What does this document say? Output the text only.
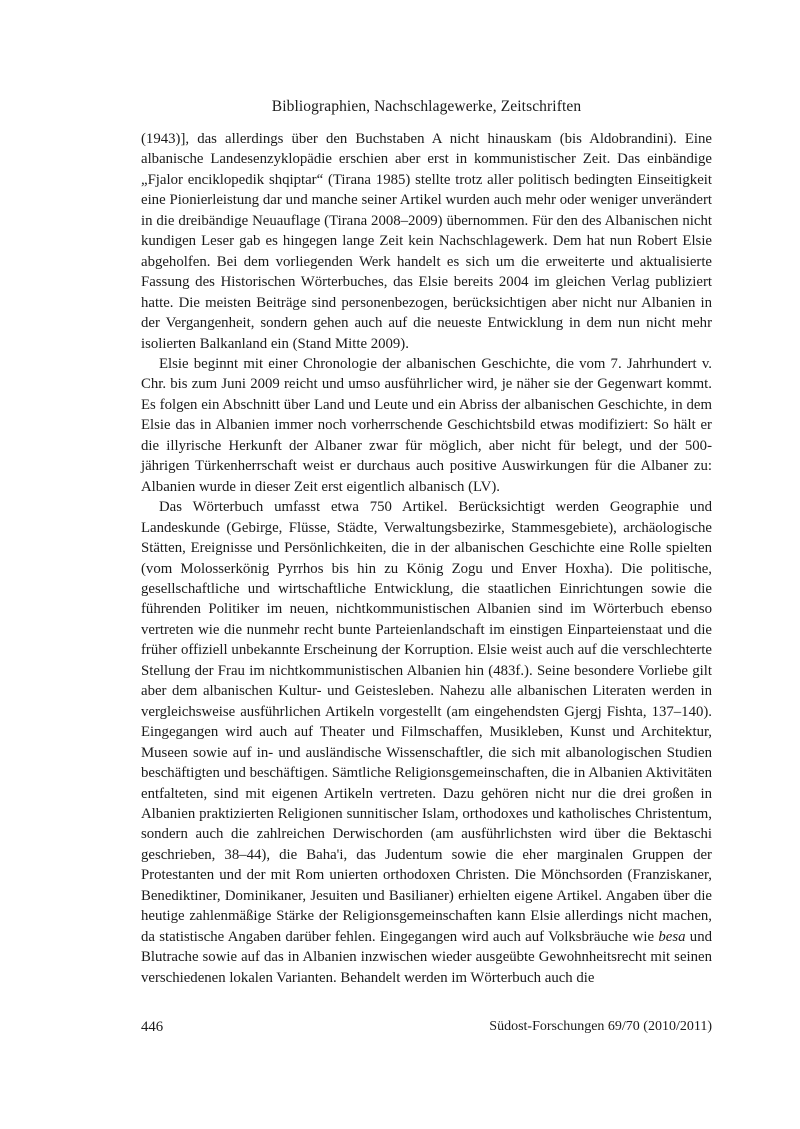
Bibliographien, Nachschlagewerke, Zeitschriften

(1943)], das allerdings über den Buchstaben A nicht hinauskam (bis Aldobrandini). Eine albanische Landesenzyklopädie erschien aber erst in kommunistischer Zeit. Das einbändige „Fjalor enciklopedik shqiptar“ (Tirana 1985) stellte trotz aller politisch bedingten Einseitigkeit eine Pionierleistung dar und manche seiner Artikel wurden auch mehr oder weniger unverändert in die dreibändige Neuauflage (Tirana 2008–2009) übernommen. Für den des Albanischen nicht kundigen Leser gab es hingegen lange Zeit kein Nachschlagewerk. Dem hat nun Robert Elsie abgeholfen. Bei dem vorliegenden Werk handelt es sich um die erweiterte und aktualisierte Fassung des Historischen Wörterbuches, das Elsie bereits 2004 im gleichen Verlag publiziert hatte. Die meisten Beiträge sind personenbezogen, berücksichtigen aber nicht nur Albanien in der Vergangenheit, sondern gehen auch auf die neueste Entwicklung in dem nun nicht mehr isolierten Balkanland ein (Stand Mitte 2009).

Elsie beginnt mit einer Chronologie der albanischen Geschichte, die vom 7. Jahrhundert v. Chr. bis zum Juni 2009 reicht und umso ausführlicher wird, je näher sie der Gegenwart kommt. Es folgen ein Abschnitt über Land und Leute und ein Abriss der albanischen Geschichte, in dem Elsie das in Albanien immer noch vorherrschende Geschichtsbild etwas modifiziert: So hält er die illyrische Herkunft der Albaner zwar für möglich, aber nicht für belegt, und der 500-jährigen Türkenherrschaft weist er durchaus auch positive Auswirkungen für die Albaner zu: Albanien wurde in dieser Zeit erst eigentlich albanisch (LV).

Das Wörterbuch umfasst etwa 750 Artikel. Berücksichtigt werden Geographie und Landeskunde (Gebirge, Flüsse, Städte, Verwaltungsbezirke, Stammesgebiete), archäologische Stätten, Ereignisse und Persönlichkeiten, die in der albanischen Geschichte eine Rolle spielten (vom Molosserkönig Pyrrhos bis hin zu König Zogu und Enver Hoxha). Die politische, gesellschaftliche und wirtschaftliche Entwicklung, die staatlichen Einrichtungen sowie die führenden Politiker im neuen, nichtkommunistischen Albanien sind im Wörterbuch ebenso vertreten wie die nunmehr recht bunte Parteienlandschaft im einstigen Einparteienstaat und die früher offiziell unbekannte Erscheinung der Korruption. Elsie weist auch auf die verschlechterte Stellung der Frau im nichtkommunistischen Albanien hin (483f.). Seine besondere Vorliebe gilt aber dem albanischen Kultur- und Geistesleben. Nahezu alle albanischen Literaten werden in vergleichsweise ausführlichen Artikeln vorgestellt (am eingehendsten Gjergj Fishta, 137–140). Eingegangen wird auch auf Theater und Filmschaffen, Musikleben, Kunst und Architektur, Museen sowie auf in- und ausländische Wissenschaftler, die sich mit albanologischen Studien beschäftigten und beschäftigen. Sämtliche Religionsgemeinschaften, die in Albanien Aktivitäten entfalteten, sind mit eigenen Artikeln vertreten. Dazu gehören nicht nur die drei großen in Albanien praktizierten Religionen sunnitischer Islam, orthodoxes und katholisches Christentum, sondern auch die zahlreichen Derwischorden (am ausführlichsten wird über die Bektaschi geschrieben, 38–44), die Baha'i, das Judentum sowie die eher marginalen Gruppen der Protestanten und der mit Rom unierten orthodoxen Christen. Die Mönchsorden (Franziskaner, Benediktiner, Dominikaner, Jesuiten und Basilianer) erhielten eigene Artikel. Angaben über die heutige zahlenmäßige Stärke der Religionsgemeinschaften kann Elsie allerdings nicht machen, da statistische Angaben darüber fehlen. Eingegangen wird auch auf Volksbräuche wie besa und Blutrache sowie auf das in Albanien inzwischen wieder ausgeübte Gewohnheitsrecht mit seinen verschiedenen lokalen Varianten. Behandelt werden im Wörterbuch auch die

446	Südost-Forschungen 69/70 (2010/2011)
